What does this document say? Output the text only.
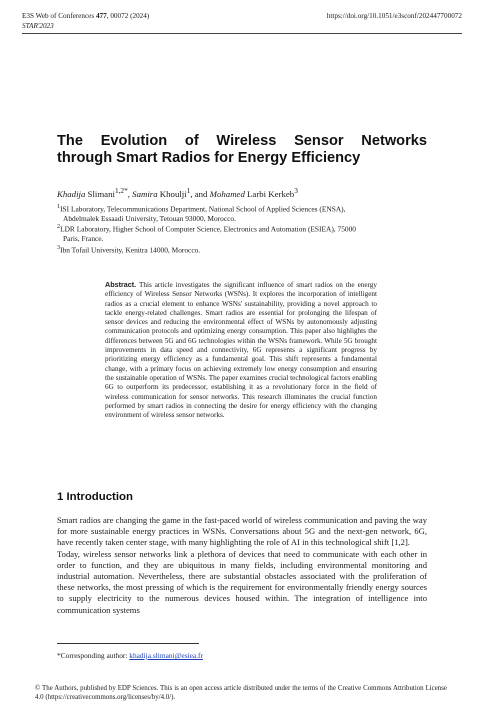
E3S Web of Conferences 477, 00072 (2024)	https://doi.org/10.1051/e3sconf/202447700072
STAR'2023
The Evolution of Wireless Sensor Networks
through Smart Radios for Energy Efficiency
Khadija Slimani$^{1,2*}$, Samira Khoulji$^1$, and Mohamed Larbi Kerkeb$^3$
$^1$ISI Laboratory, Telecommunications Department, National School of Applied Sciences (ENSA),
Abdelmalek Essaadi University, Tetouan 93000, Morocco.
$^2$LDR Laboratory, Higher School of Computer Science, Electronics and Automation (ESIEA), 75000
Paris, France.
$^3$Ibn Tofail University, Kenitra 14000, Morocco.
Abstract. This article investigates the significant influence of smart radios on the energy efficiency of Wireless Sensor Networks (WSNs). It explores the incorporation of intelligent radios as a crucial element to enhance WSNs' sustainability, providing a novel approach to tackle energy-related challenges. Smart radios are essential for prolonging the lifespan of sensor devices and reducing the environmental effect of WSNs by autonomously adjusting communication protocols and optimizing energy consumption. This paper also highlights the differences between 5G and 6G technologies within the WSNs framework. While 5G brought improvements in data speed and connectivity, 6G represents a significant progress by prioritizing energy efficiency as a fundamental goal. This shift represents a fundamental change, with a primary focus on achieving extremely low energy consumption and ensuring the sustainable operation of WSNs. The paper examines crucial technological factors enabling 6G to outperform its predecessor, establishing it as a revolutionary force in the field of wireless communication for sensor networks. This research illuminates the crucial function performed by smart radios in connecting the desire for energy efficiency with the changing environment of wireless sensor networks.
1 Introduction

Smart radios are changing the game in the fast-paced world of wireless communication and paving the way for more sustainable energy practices in WSNs. Conversations about 5G and the next-gen network, 6G, have recently taken center stage, with many highlighting the role of AI in this technological shift [1,2].

Today, wireless sensor networks link a plethora of devices that need to communicate with each other in order to function, and they are ubiquitous in many fields, including environmental monitoring and industrial automation. Nevertheless, there are substantial obstacles associated with the proliferation of these networks, the most pressing of which is the requirement for environmentally friendly energy sources to supply electricity to the numerous devices housed within. The integration of intelligence into communication systems

*Corresponding author: khadija.slimani@esiea.fr
© The Authors, published by EDP Sciences. This is an open access article distributed under the terms of the Creative Commons Attribution License 4.0 (https://creativecommons.org/licenses/by/4.0/).
